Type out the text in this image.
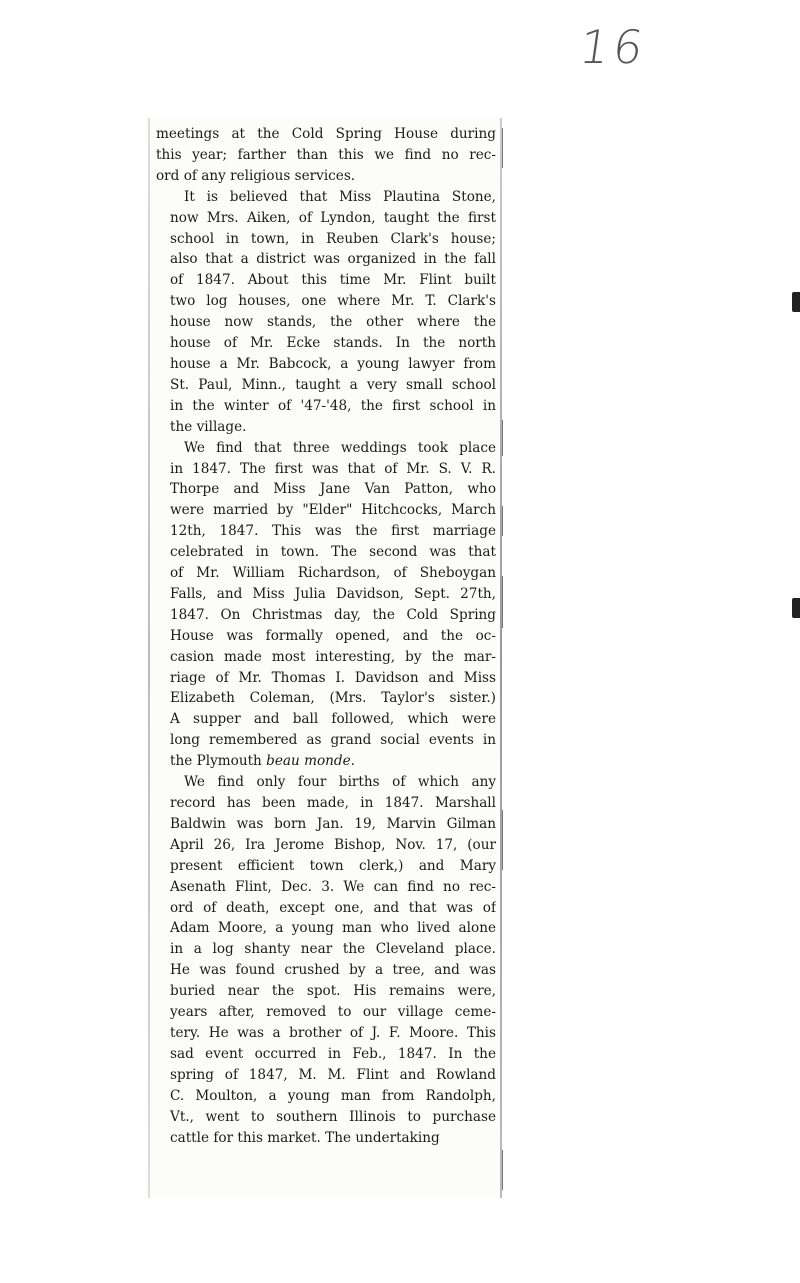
16

meetings at the Cold Spring House during
this year; farther than this we find no rec-
ord of any religious services.

It is believed that Miss Plautina Stone,
now Mrs. Aiken, of Lyndon, taught the first
school in town, in Reuben Clark's house;
also that a district was organized in the fall
of 1847. About this time Mr. Flint built
two log houses, one where Mr. T. Clark's
house now stands, the other where the
house of Mr. Ecke stands. In the north
house a Mr. Babcock, a young lawyer from
St. Paul, Minn., taught a very small school
in the winter of '47-'48, the first school in
the village.

We find that three weddings took place
in 1847. The first was that of Mr. S. V. R.
Thorpe and Miss Jane Van Patton, who
were married by "Elder" Hitchcocks, March
12th, 1847. This was the first marriage
celebrated in town. The second was that
of Mr. William Richardson, of Sheboygan
Falls, and Miss Julia Davidson, Sept. 27th,
1847. On Christmas day, the Cold Spring
House was formally opened, and the oc-
casion made most interesting, by the mar-
riage of Mr. Thomas I. Davidson and Miss
Elizabeth Coleman, (Mrs. Taylor's sister.)
A supper and ball followed, which were
long remembered as grand social events in
the Plymouth beau monde.

We find only four births of which any
record has been made, in 1847. Marshall
Baldwin was born Jan. 19, Marvin Gilman
April 26, Ira Jerome Bishop, Nov. 17, (our
present efficient town clerk,) and Mary
Asenath Flint, Dec. 3. We can find no rec-
ord of death, except one, and that was of
Adam Moore, a young man who lived alone
in a log shanty near the Cleveland place.
He was found crushed by a tree, and was
buried near the spot. His remains were,
years after, removed to our village ceme-
tery. He was a brother of J. F. Moore. This
sad event occurred in Feb., 1847. In the
spring of 1847, M. M. Flint and Rowland
C. Moulton, a young man from Randolph,
Vt., went to southern Illinois to purchase
cattle for this market. The undertaking
